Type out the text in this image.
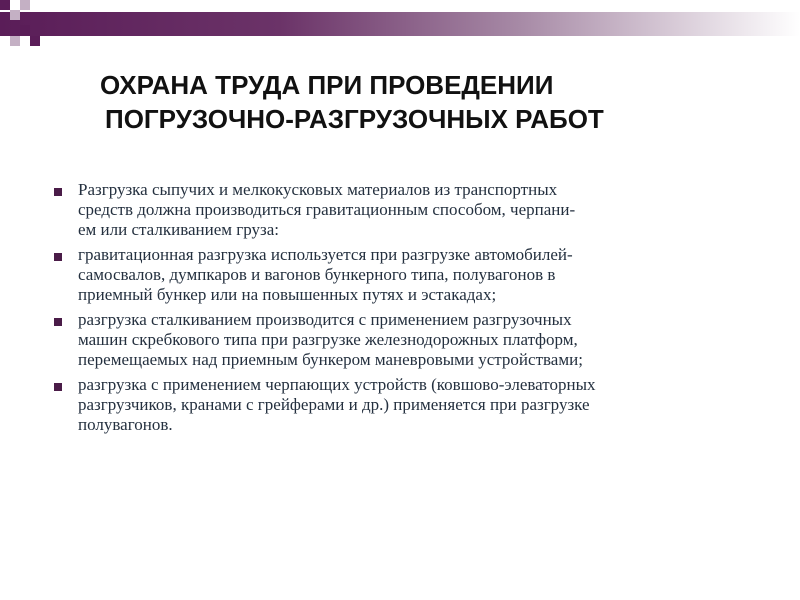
ОХРАНА ТРУДА ПРИ ПРОВЕДЕНИИ
ПОГРУЗОЧНО-РАЗГРУЗОЧНЫХ РАБОТ
Разгрузка сыпучих и мелкокусковых материалов из транспортных
средств должна производиться гравитационным способом, черпани-
ем или сталкиванием груза:
гравитационная разгрузка используется при разгрузке автомобилей-
самосвалов, думпкаров и вагонов бункерного типа, полувагонов в
приемный бункер или на повышенных путях и эстакадах;
разгрузка сталкиванием производится с применением разгрузочных
машин скребкового типа при разгрузке железнодорожных платформ,
перемещаемых над приемным бункером маневровыми устройствами;
разгрузка с применением черпающих устройств (ковшово-элеваторных
разгрузчиков, кранами с грейферами и др.) применяется при разгрузке
полувагонов.
